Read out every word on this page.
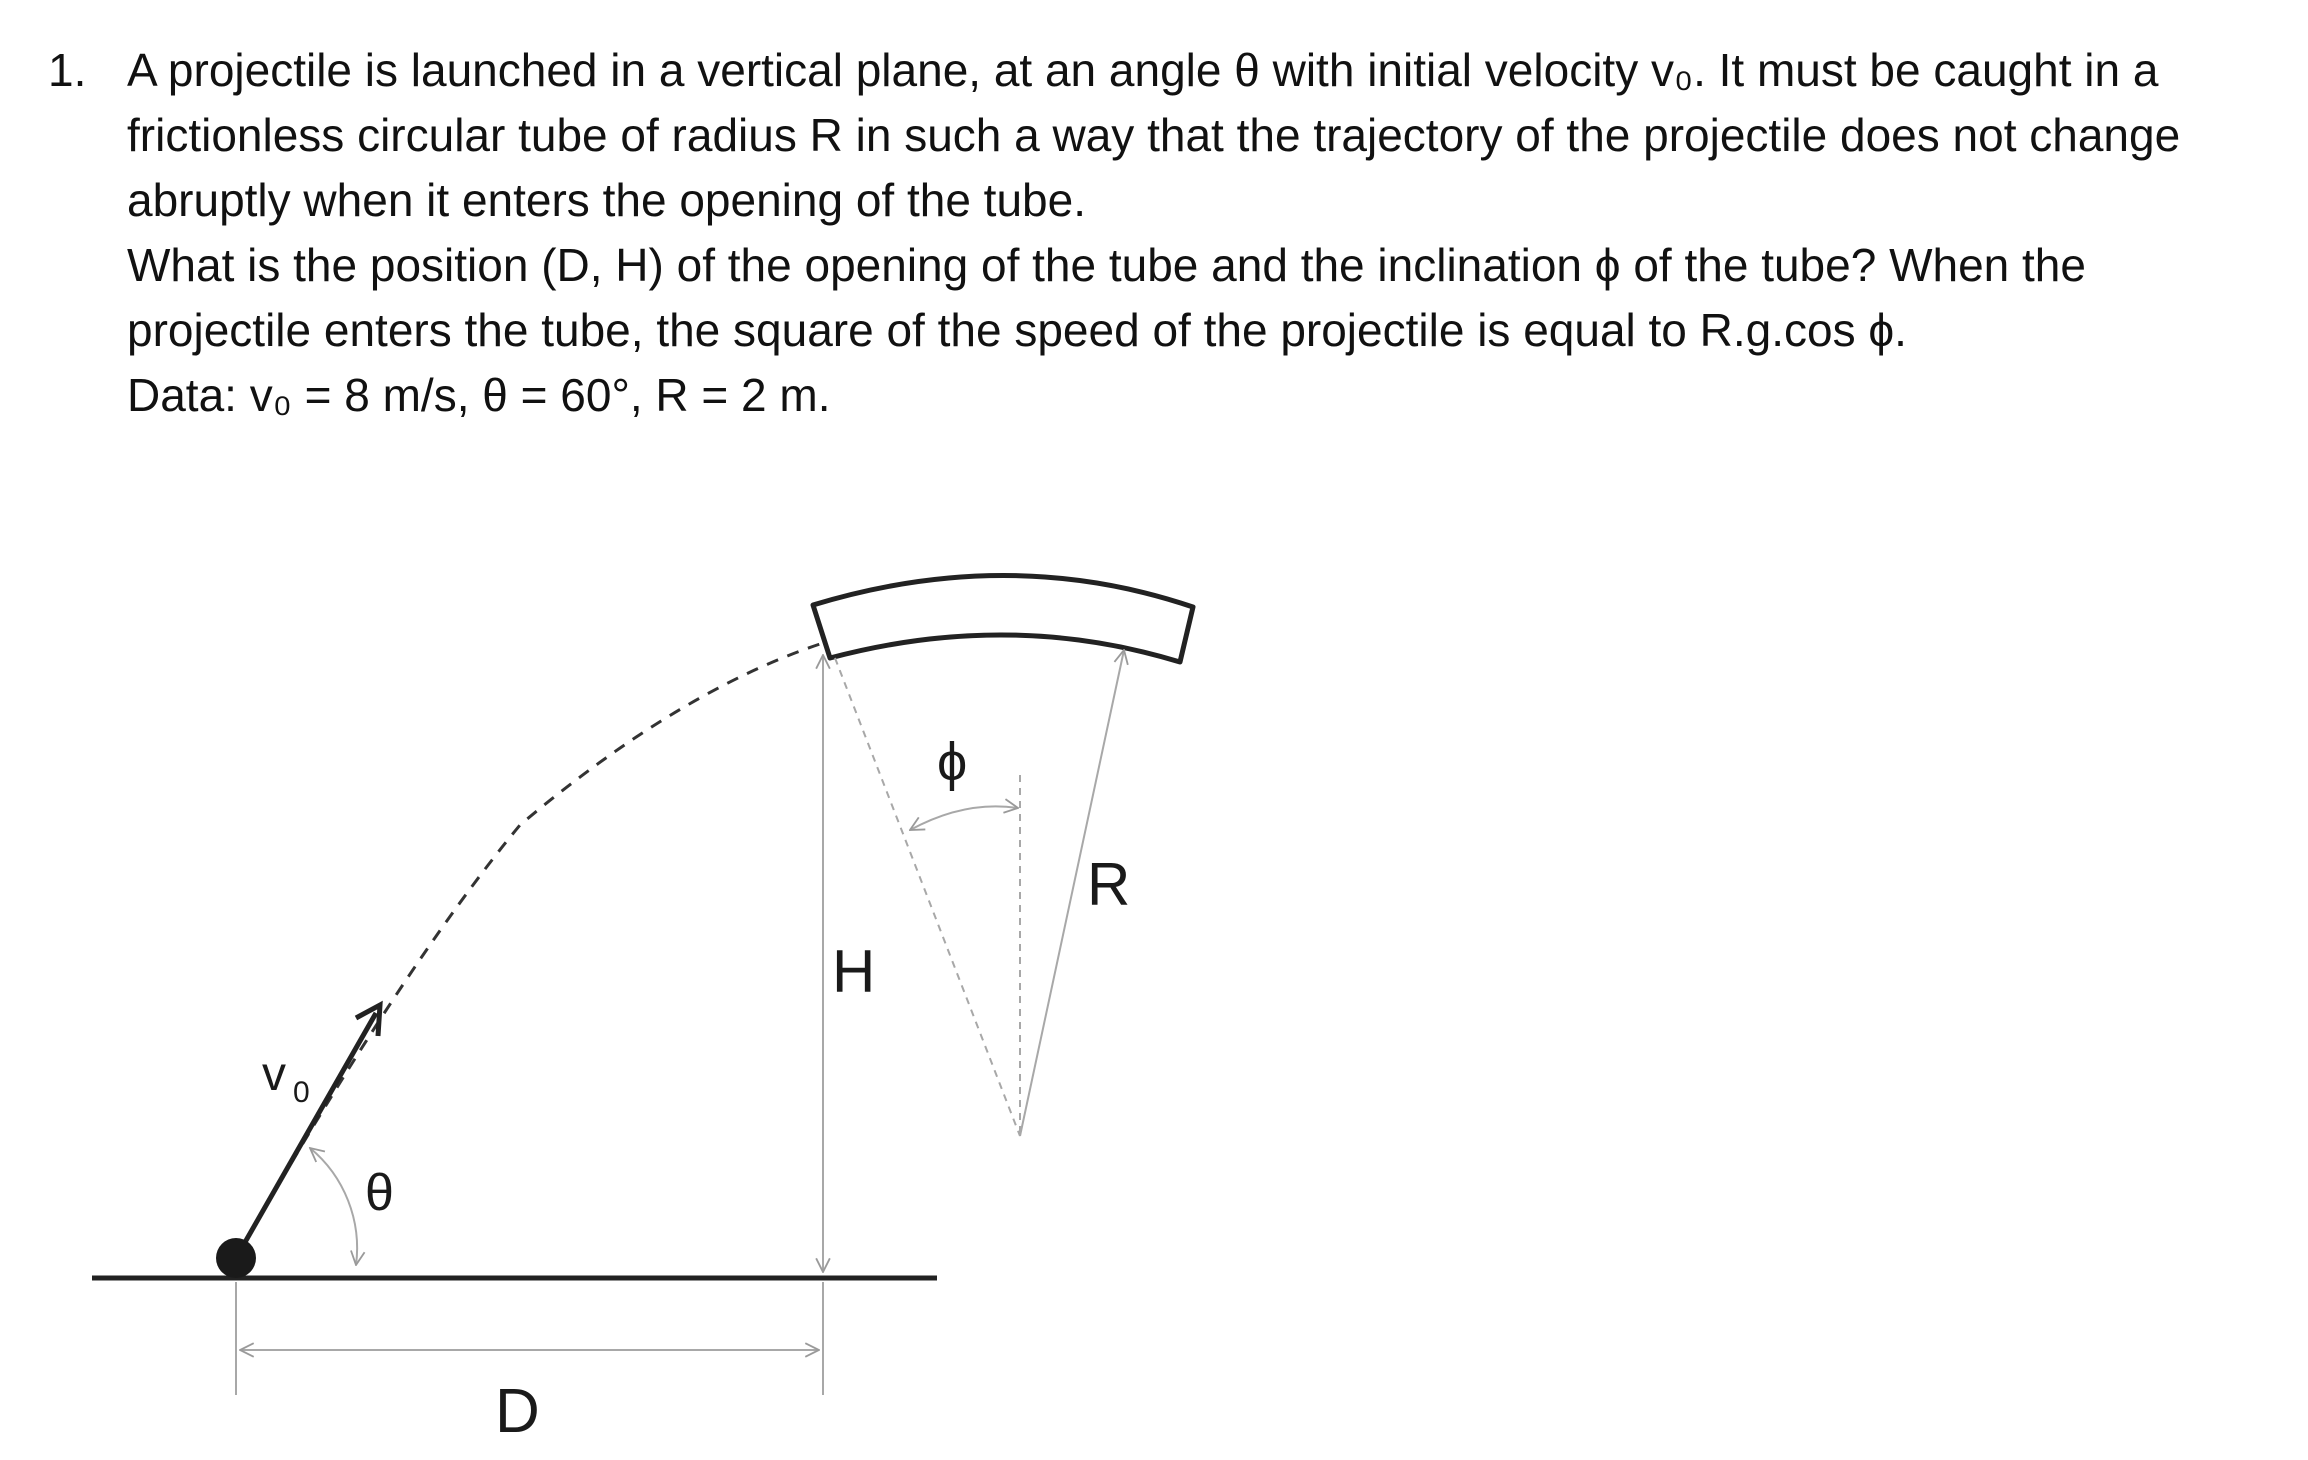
1. A projectile is launched in a vertical plane, at an angle θ with initial velocity v₀. It must be caught in a frictionless circular tube of radius R in such a way that the trajectory of the projectile does not change abruptly when it enters the opening of the tube.

What is the position (D, H) of the opening of the tube and the inclination ϕ of the tube? When the projectile enters the tube, the square of the speed of the projectile is equal to R.g.cos ϕ.

Data: v₀ = 8 m/s, θ = 60°, R = 2 m.

v 0
θ
H
ϕ
R
D
